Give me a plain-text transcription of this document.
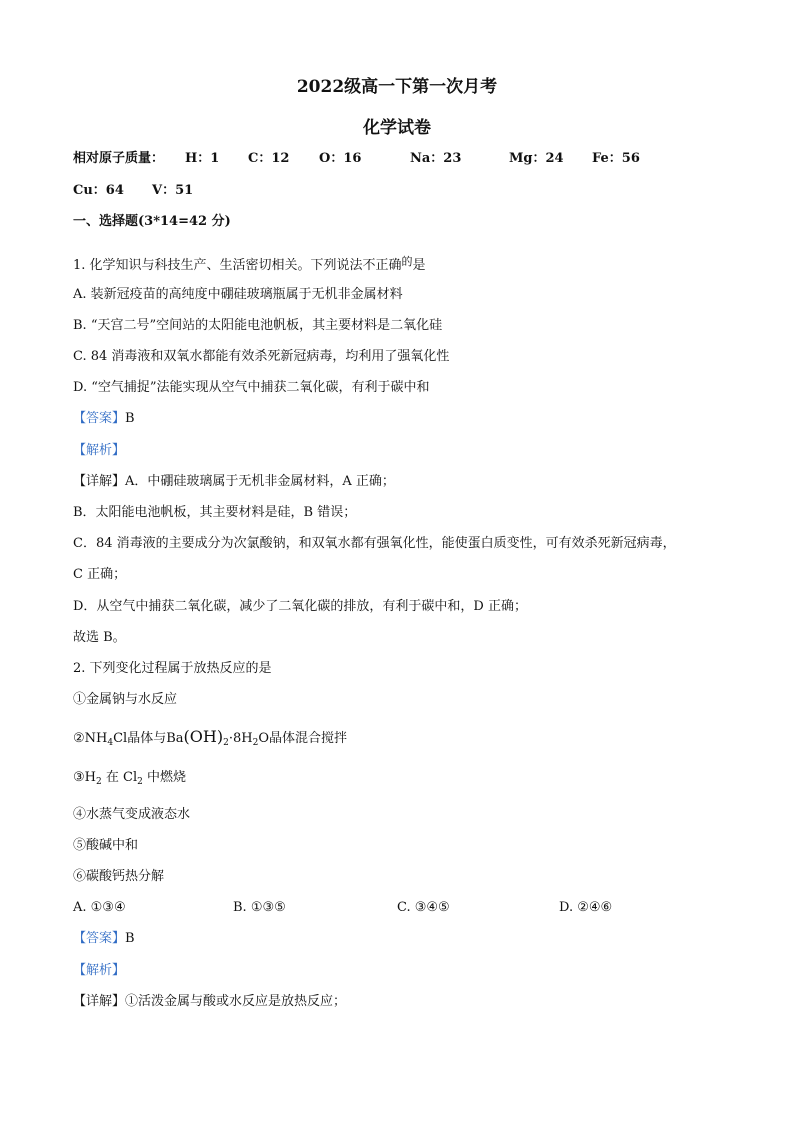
2022级高一下第一次月考
化学试卷
相对原子质量： H：1 C：12 O：16	Na：23	Mg：24 Fe：56
Cu：64 V：51
一、选择题(3*14=42 分)
1. 化学知识与科技生产、生活密切相关。下列说法不正确的是
A. 装新冠疫苗的高纯度中硼硅玻璃瓶属于无机非金属材料
B. “天宫二号”空间站的太阳能电池帆板，其主要材料是二氧化硅
C. 84 消毒液和双氧水都能有效杀死新冠病毒，均利用了强氧化性
D. “空气捕捉”法能实现从空气中捕获二氧化碳，有利于碳中和
【答案】B
【解析】
【详解】A．中硼硅玻璃属于无机非金属材料，A 正确；
B．太阳能电池帆板，其主要材料是硅，B 错误；
C．84 消毒液的主要成分为次氯酸钠，和双氧水都有强氧化性，能使蛋白质变性，可有效杀死新冠病毒，
C 正确；
D．从空气中捕获二氧化碳，减少了二氧化碳的排放，有利于碳中和，D 正确；
故选 B。
2. 下列变化过程属于放热反应的是
①金属钠与水反应
$②NH_4Cl$晶体与$Ba(OH)_2\cdot 8H_2O$晶体混合搅拌
$③H_2$ 在 $Cl_2$ 中燃烧
④水蒸气变成液态水
⑤酸碱中和
⑥碳酸钙热分解
A. ①③④	B. ①③⑤	C. ③④⑤	D. ②④⑥
【答案】B
【解析】
【详解】①活泼金属与酸或水反应是放热反应；
